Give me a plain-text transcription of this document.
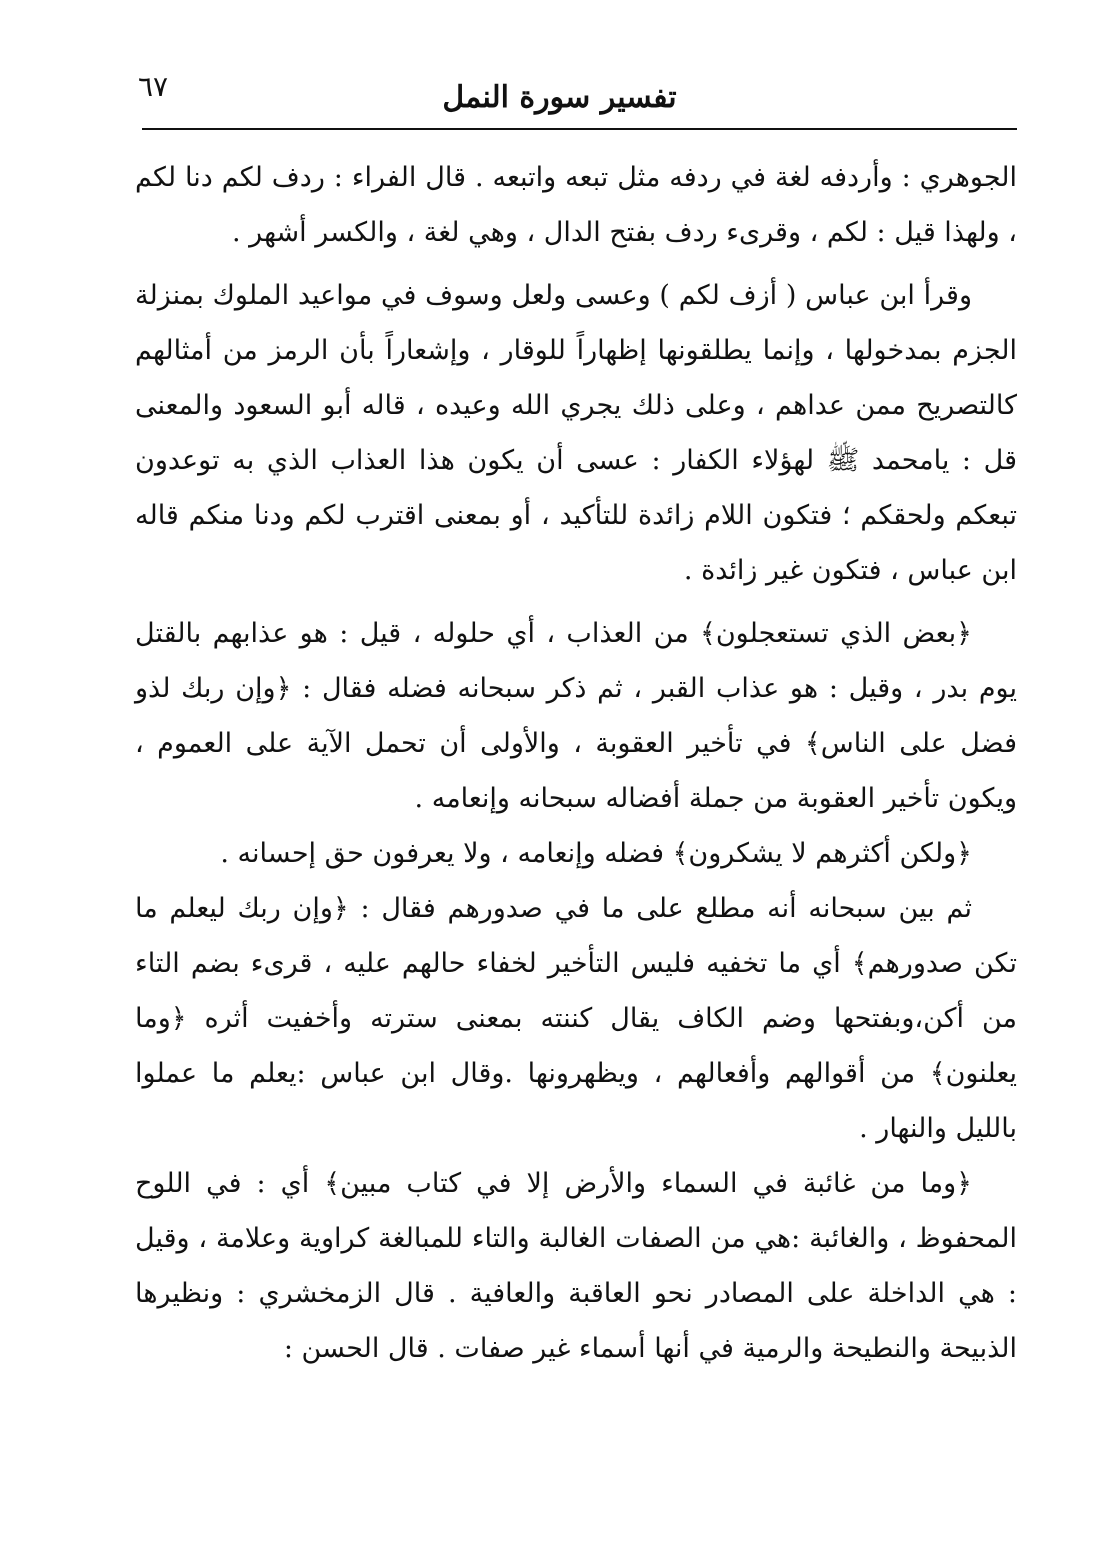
٦٧	تفسير سورة النمل

الجوهري : وأردفه لغة في ردفه مثل تبعه واتبعه . قال الفراء : ردف لكم دنا لكم ، ولهذا قيل : لكم ، وقرىء ردف بفتح الدال ، وهي لغة ، والكسر أشهر .

وقرأ ابن عباس ( أزف لكم ) وعسى ولعل وسوف في مواعيد الملوك بمنزلة الجزم بمدخولها ، وإنما يطلقونها إظهاراً للوقار ، وإشعاراً بأن الرمز من أمثالهم كالتصريح ممن عداهم ، وعلى ذلك يجري الله وعيده ، قاله أبو السعود والمعنى قل : يامحمد ﷺ لهؤلاء الكفار : عسى أن يكون هذا العذاب الذي به توعدون تبعكم ولحقكم ؛ فتكون اللام زائدة للتأكيد ، أو بمعنى اقترب لكم ودنا منكم قاله ابن عباس ، فتكون غير زائدة .

﴿بعض الذي تستعجلون﴾ من العذاب ، أي حلوله ، قيل : هو عذابهم بالقتل يوم بدر ، وقيل : هو عذاب القبر ، ثم ذكر سبحانه فضله فقال : ﴿وإن ربك لذو فضل على الناس﴾ في تأخير العقوبة ، والأولى أن تحمل الآية على العموم ، ويكون تأخير العقوبة من جملة أفضاله سبحانه وإنعامه .

﴿ولكن أكثرهم لا يشكرون﴾ فضله وإنعامه ، ولا يعرفون حق إحسانه .

ثم بين سبحانه أنه مطلع على ما في صدورهم فقال : ﴿وإن ربك ليعلم ما تكن صدورهم﴾ أي ما تخفيه فليس التأخير لخفاء حالهم عليه ، قرىء بضم التاء من أكن،وبفتحها وضم الكاف يقال كننته بمعنى سترته وأخفيت أثره ﴿وما يعلنون﴾ من أقوالهم وأفعالهم ، ويظهرونها .وقال ابن عباس :يعلم ما عملوا بالليل والنهار .

﴿وما من غائبة في السماء والأرض إلا في كتاب مبين﴾ أي : في اللوح المحفوظ ، والغائبة :هي من الصفات الغالبة والتاء للمبالغة كراوية وعلامة ، وقيل : هي الداخلة على المصادر نحو العاقبة والعافية . قال الزمخشري : ونظيرها الذبيحة والنطيحة والرمية في أنها أسماء غير صفات . قال الحسن :
